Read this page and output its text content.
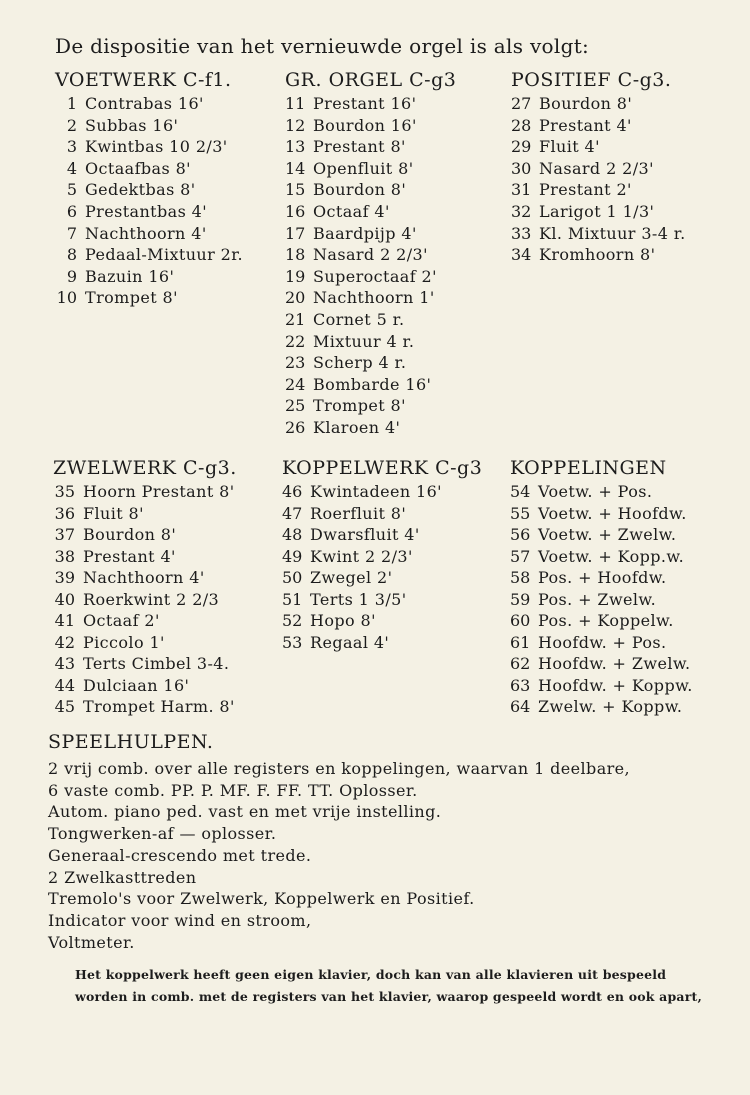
De dispositie van het vernieuwde orgel is als volgt:
VOETWERK C-f1.
1 Contrabas 16'
2 Subbas 16'
3 Kwintbas 10 2/3'
4 Octaafbas 8'
5 Gedektbas 8'
6 Prestantbas 4'
7 Nachthoorn 4'
8 Pedaal-Mixtuur 2r.
9 Bazuin 16'
10 Trompet 8'
GR. ORGEL C-g3
11 Prestant 16'
12 Bourdon 16'
13 Prestant 8'
14 Openfluit 8'
15 Bourdon 8'
16 Octaaf 4'
17 Baardpijp 4'
18 Nasard 2 2/3'
19 Superoctaaf 2'
20 Nachthoorn 1'
21 Cornet 5 r.
22 Mixtuur 4 r.
23 Scherp 4 r.
24 Bombarde 16'
25 Trompet 8'
26 Klaroen 4'
POSITIEF C-g3.
27 Bourdon 8'
28 Prestant 4'
29 Fluit 4'
30 Nasard 2 2/3'
31 Prestant 2'
32 Larigot 1 1/3'
33 Kl. Mixtuur 3-4 r.
34 Kromhoorn 8'
ZWELWERK C-g3.
35 Hoorn Prestant 8'
36 Fluit 8'
37 Bourdon 8'
38 Prestant 4'
39 Nachthoorn 4'
40 Roerkwint 2 2/3
41 Octaaf 2'
42 Piccolo 1'
43 Terts Cimbel 3-4.
44 Dulciaan 16'
45 Trompet Harm. 8'
KOPPELWERK C-g3
46 Kwintadeen 16'
47 Roerfluit 8'
48 Dwarsfluit 4'
49 Kwint 2 2/3'
50 Zwegel 2'
51 Terts 1 3/5'
52 Hopo 8'
53 Regaal 4'
KOPPELINGEN
54 Voetw. + Pos.
55 Voetw. + Hoofdw.
56 Voetw. + Zwelw.
57 Voetw. + Kopp.w.
58 Pos. + Hoofdw.
59 Pos. + Zwelw.
60 Pos. + Koppelw.
61 Hoofdw. + Pos.
62 Hoofdw. + Zwelw.
63 Hoofdw. + Koppw.
64 Zwelw. + Koppw.
SPEELHULPEN.
2 vrij comb. over alle registers en koppelingen, waarvan 1 deelbare,
6 vaste comb. PP. P. MF. F. FF. TT. Oplosser.
Autom. piano ped. vast en met vrije instelling.
Tongwerken-af — oplosser.
Generaal-crescendo met trede.
2 Zwelkasttreden
Tremolo's voor Zwelwerk, Koppelwerk en Positief.
Indicator voor wind en stroom,
Voltmeter.
Het koppelwerk heeft geen eigen klavier, doch kan van alle klavieren uit bespeeld
worden in comb. met de registers van het klavier, waarop gespeeld wordt en ook apart,
